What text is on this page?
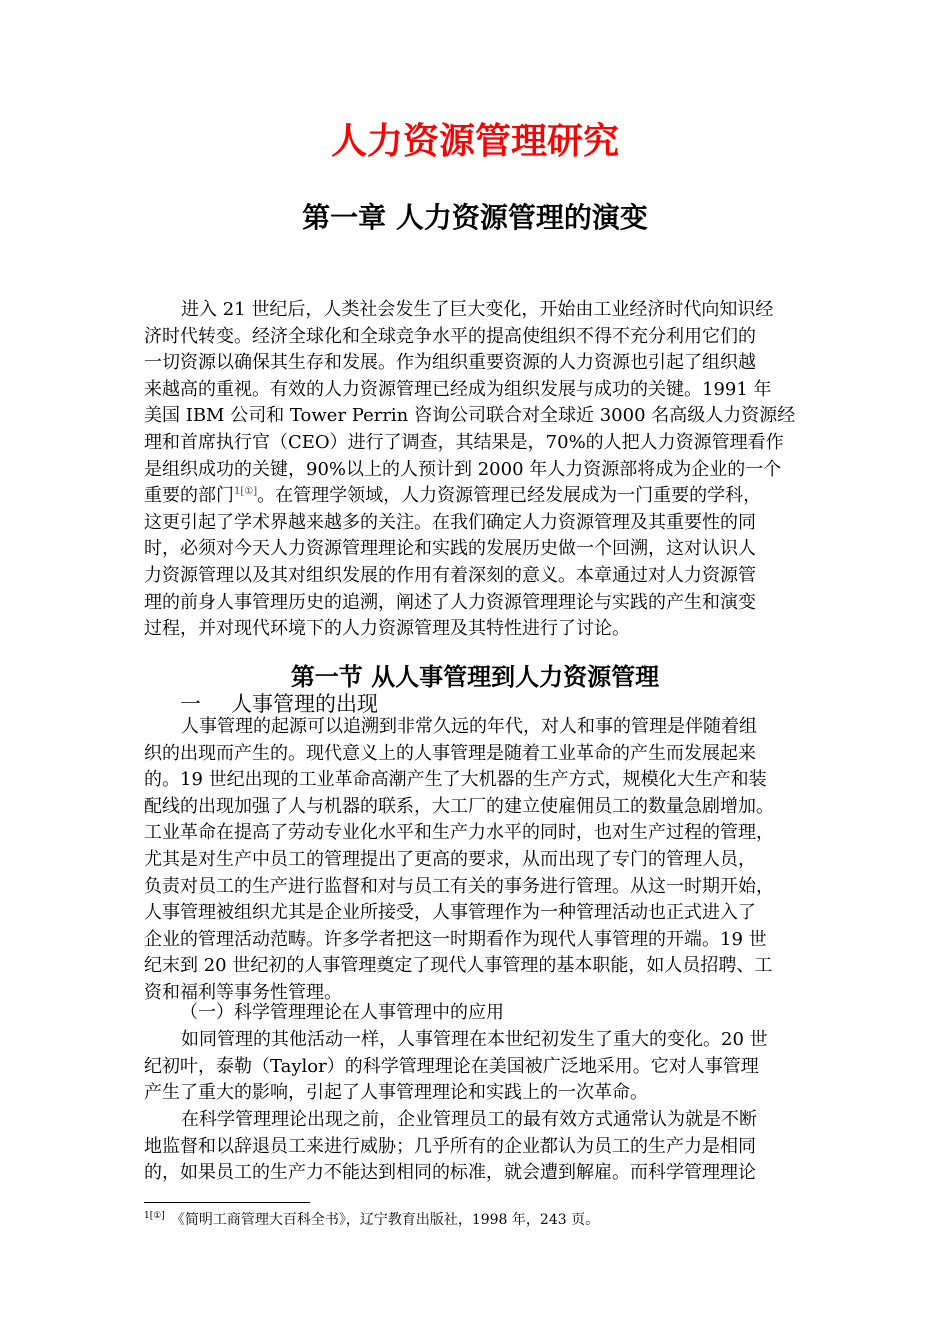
人力资源管理研究
第一章 人力资源管理的演变
进入 21 世纪后，人类社会发生了巨大变化，开始由工业经济时代向知识经
济时代转变。经济全球化和全球竞争水平的提高使组织不得不充分利用它们的
一切资源以确保其生存和发展。作为组织重要资源的人力资源也引起了组织越
来越高的重视。有效的人力资源管理已经成为组织发展与成功的关键。1991 年
美国 IBM 公司和 Tower Perrin 咨询公司联合对全球近 3000 名高级人力资源经
理和首席执行官（CEO）进行了调查，其结果是，70%的人把人力资源管理看作
是组织成功的关键，90%以上的人预计到 2000 年人力资源部将成为企业的一个
重要的部门$^{1[①]}$。在管理学领域，人力资源管理已经发展成为一门重要的学科，
这更引起了学术界越来越多的关注。在我们确定人力资源管理及其重要性的同
时，必须对今天人力资源管理理论和实践的发展历史做一个回溯，这对认识人
力资源管理以及其对组织发展的作用有着深刻的意义。本章通过对人力资源管
理的前身人事管理历史的追溯，阐述了人力资源管理理论与实践的产生和演变
过程，并对现代环境下的人力资源管理及其特性进行了讨论。
第一节 从人事管理到人力资源管理
一 人事管理的出现
人事管理的起源可以追溯到非常久远的年代，对人和事的管理是伴随着组
织的出现而产生的。现代意义上的人事管理是随着工业革命的产生而发展起来
的。19 世纪出现的工业革命高潮产生了大机器的生产方式，规模化大生产和装
配线的出现加强了人与机器的联系，大工厂的建立使雇佣员工的数量急剧增加。
工业革命在提高了劳动专业化水平和生产力水平的同时，也对生产过程的管理，
尤其是对生产中员工的管理提出了更高的要求，从而出现了专门的管理人员，
负责对员工的生产进行监督和对与员工有关的事务进行管理。从这一时期开始，
人事管理被组织尤其是企业所接受，人事管理作为一种管理活动也正式进入了
企业的管理活动范畴。许多学者把这一时期看作为现代人事管理的开端。19 世
纪末到 20 世纪初的人事管理奠定了现代人事管理的基本职能，如人员招聘、工
资和福利等事务性管理。
（一）科学管理理论在人事管理中的应用
如同管理的其他活动一样，人事管理在本世纪初发生了重大的变化。20 世
纪初叶，泰勒（Taylor）的科学管理理论在美国被广泛地采用。它对人事管理
产生了重大的影响，引起了人事管理理论和实践上的一次革命。
在科学管理理论出现之前，企业管理员工的最有效方式通常认为就是不断
地监督和以辞退员工来进行威胁；几乎所有的企业都认为员工的生产力是相同
的，如果员工的生产力不能达到相同的标准，就会遭到解雇。而科学管理理论

$^{1[①]}$ 《简明工商管理大百科全书》，辽宁教育出版社，1998 年，243 页。
